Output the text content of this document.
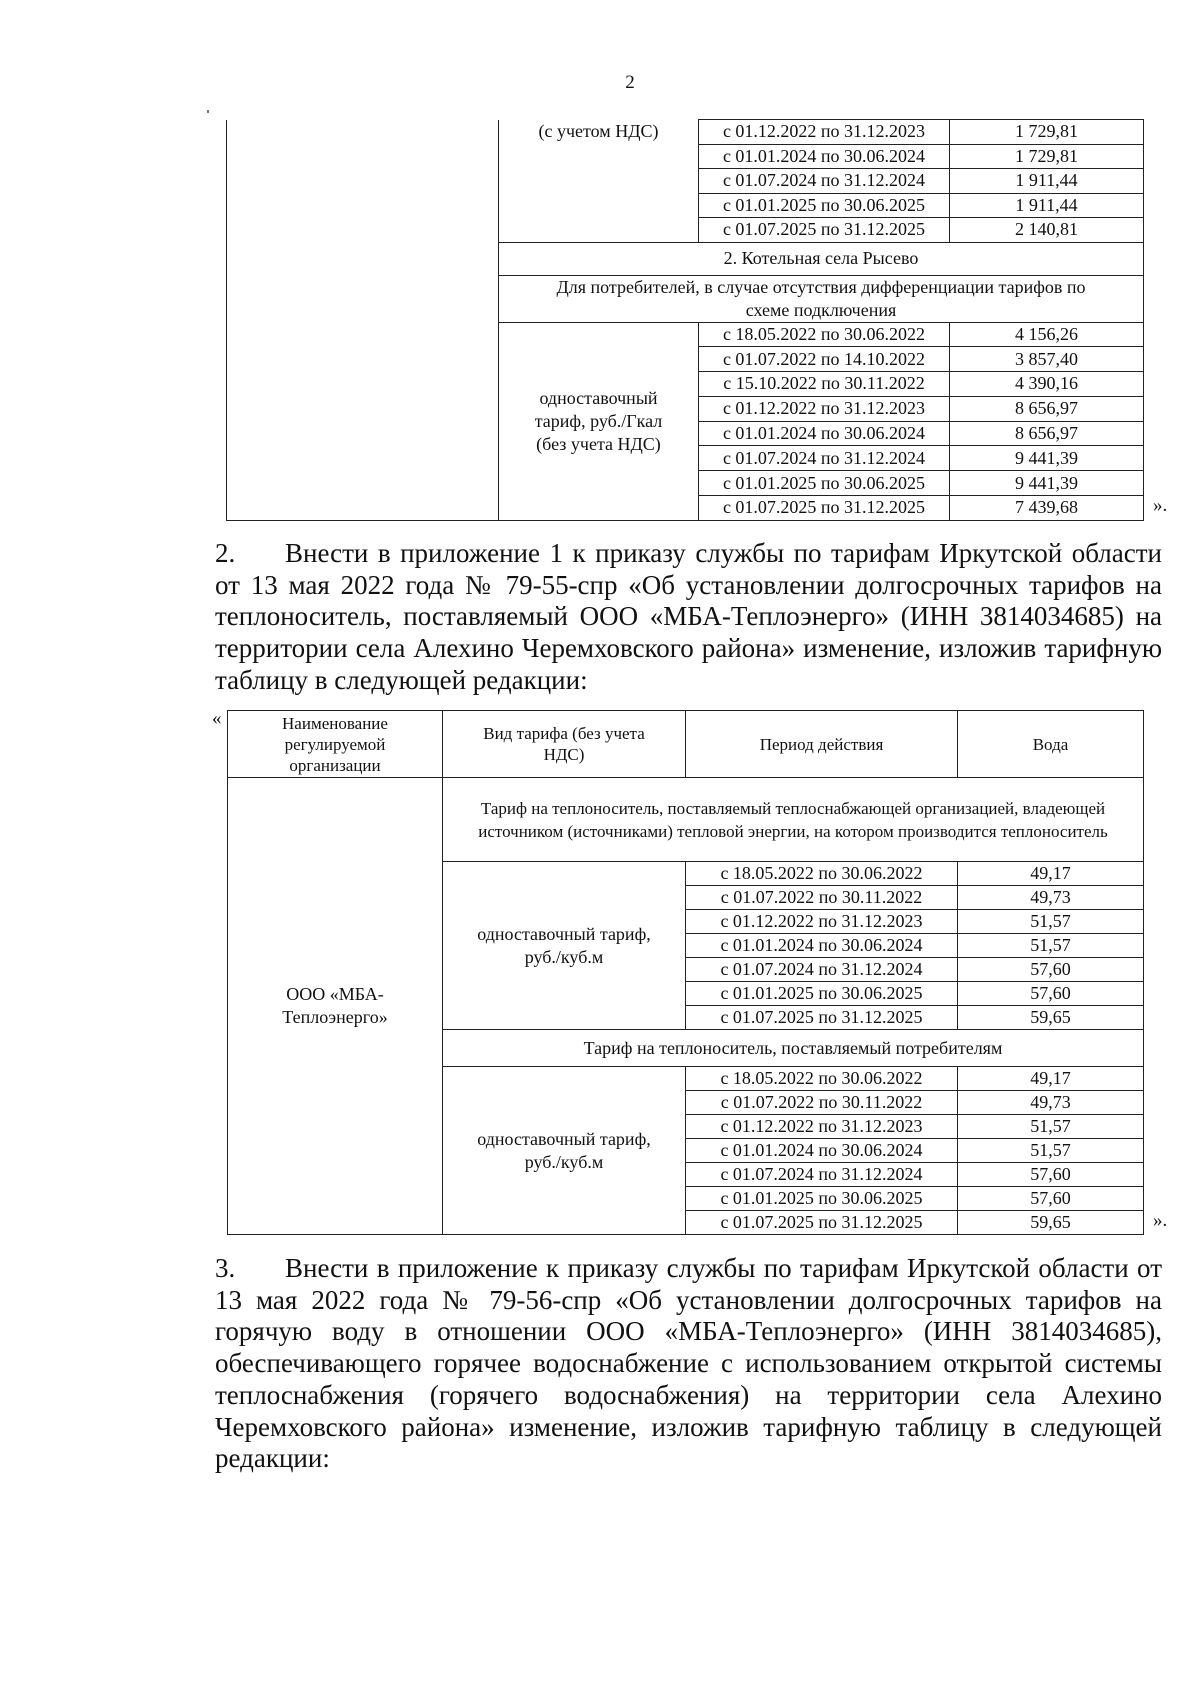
2
	(с учетом НДС)	с 01.12.2022 по 31.12.2023	1 729,81
		с 01.01.2024 по 30.06.2024	1 729,81
		с 01.07.2024 по 31.12.2024	1 911,44
		с 01.01.2025 по 30.06.2025	1 911,44
		с 01.07.2025 по 31.12.2025	2 140,81
	2. Котельная села Рысево		
	Для потребителей, в случае отсутствия дифференциации тарифов по схеме подключения		
	одноставочный тариф, руб./Гкал (без учета НДС)	с 18.05.2022 по 30.06.2022	4 156,26
		с 01.07.2022 по 14.10.2022	3 857,40
		с 15.10.2022 по 30.11.2022	4 390,16
		с 01.12.2022 по 31.12.2023	8 656,97
		с 01.01.2024 по 30.06.2024	8 656,97
		с 01.07.2024 по 31.12.2024	9 441,39
		с 01.01.2025 по 30.06.2025	9 441,39
		с 01.07.2025 по 31.12.2025	7 439,68	».

2. Внести в приложение 1 к приказу службы по тарифам Иркутской области от 13 мая 2022 года № 79-55-спр «Об установлении долгосрочных тарифов на теплоноситель, поставляемый ООО «МБА-Теплоэнерго» (ИНН 3814034685) на территории села Алехино Черемховского района» изменение, изложив тарифную таблицу в следующей редакции:

«	Наименование регулируемой организации	Вид тарифа (без учета НДС)	Период действия	Вода
ООО «МБА-Теплоэнерго»	Тариф на теплоноситель, поставляемый теплоснабжающей организацией, владеющей источником (источниками) тепловой энергии, на котором производится теплоноситель		
	одноставочный тариф, руб./куб.м	с 18.05.2022 по 30.06.2022	49,17
		с 01.07.2022 по 30.11.2022	49,73
		с 01.12.2022 по 31.12.2023	51,57
		с 01.01.2024 по 30.06.2024	51,57
		с 01.07.2024 по 31.12.2024	57,60
		с 01.01.2025 по 30.06.2025	57,60
		с 01.07.2025 по 31.12.2025	59,65
	Тариф на теплоноситель, поставляемый потребителям		
	одноставочный тариф, руб./куб.м	с 18.05.2022 по 30.06.2022	49,17
		с 01.07.2022 по 30.11.2022	49,73
		с 01.12.2022 по 31.12.2023	51,57
		с 01.01.2024 по 30.06.2024	51,57
		с 01.07.2024 по 31.12.2024	57,60
		с 01.01.2025 по 30.06.2025	57,60
		с 01.07.2025 по 31.12.2025	59,65	».

3. Внести в приложение к приказу службы по тарифам Иркутской области от 13 мая 2022 года № 79-56-спр «Об установлении долгосрочных тарифов на горячую воду в отношении ООО «МБА-Теплоэнерго» (ИНН 3814034685), обеспечивающего горячее водоснабжение с использованием открытой системы теплоснабжения (горячего водоснабжения) на территории села Алехино Черемховского района» изменение, изложив тарифную таблицу в следующей редакции:
